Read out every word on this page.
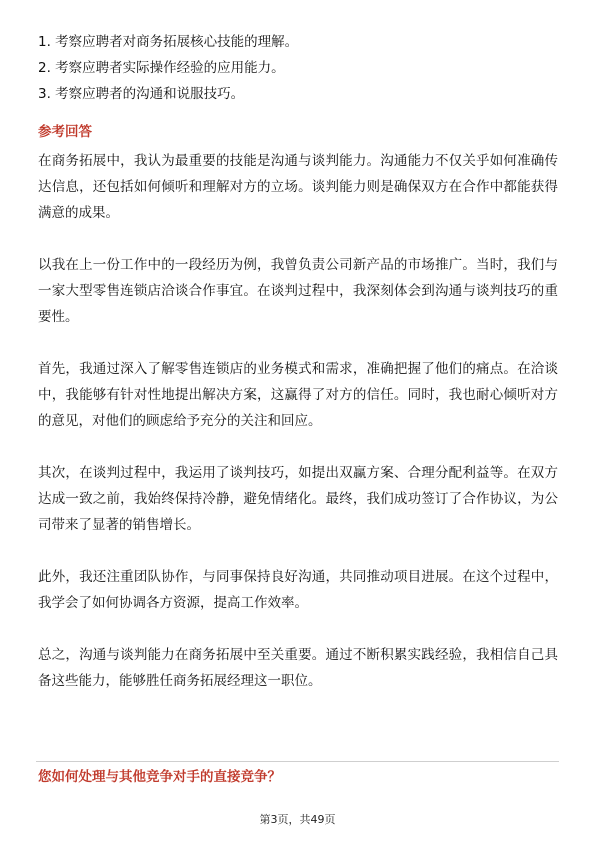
1. 考察应聘者对商务拓展核心技能的理解。
2. 考察应聘者实际操作经验的应用能力。
3. 考察应聘者的沟通和说服技巧。
参考回答

在商务拓展中，我认为最重要的技能是沟通与谈判能力。沟通能力不仅关乎如何准确传达信息，还包括如何倾听和理解对方的立场。谈判能力则是确保双方在合作中都能获得满意的成果。

以我在上一份工作中的一段经历为例，我曾负责公司新产品的市场推广。当时，我们与一家大型零售连锁店洽谈合作事宜。在谈判过程中，我深刻体会到沟通与谈判技巧的重要性。

首先，我通过深入了解零售连锁店的业务模式和需求，准确把握了他们的痛点。在洽谈中，我能够有针对性地提出解决方案，这赢得了对方的信任。同时，我也耐心倾听对方的意见，对他们的顾虑给予充分的关注和回应。

其次，在谈判过程中，我运用了谈判技巧，如提出双赢方案、合理分配利益等。在双方达成一致之前，我始终保持冷静，避免情绪化。最终，我们成功签订了合作协议，为公司带来了显著的销售增长。

此外，我还注重团队协作，与同事保持良好沟通，共同推动项目进展。在这个过程中，我学会了如何协调各方资源，提高工作效率。

总之，沟通与谈判能力在商务拓展中至关重要。通过不断积累实践经验，我相信自己具备这些能力，能够胜任商务拓展经理这一职位。

您如何处理与其他竞争对手的直接竞争？
第3页，共49页
